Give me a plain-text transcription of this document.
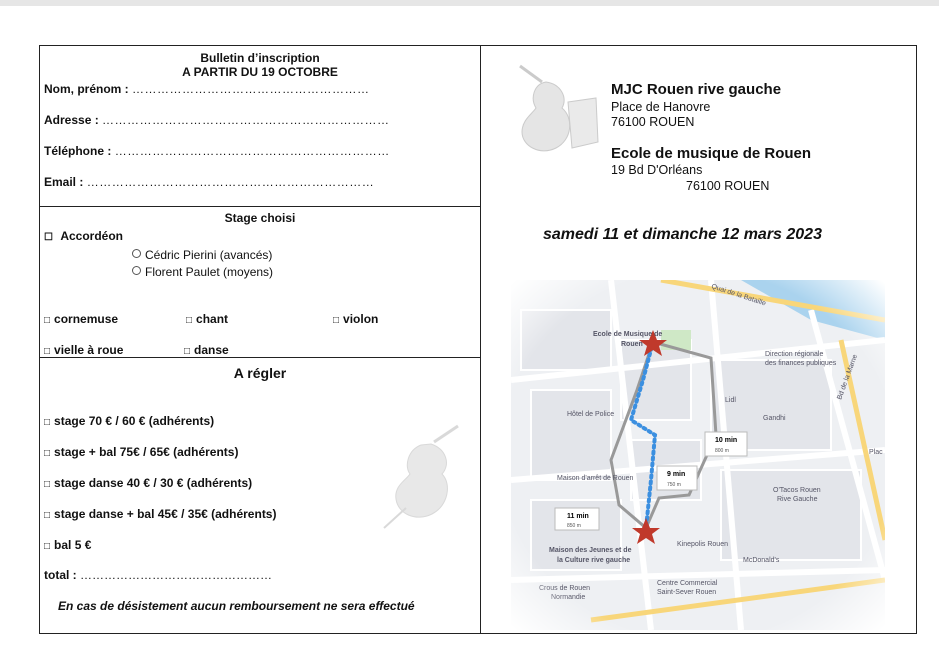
Bulletin d’inscription
A PARTIR DU 19 OCTOBRE
Nom, prénom : …………………………………………………
Adresse : ……………………………………………………………
Téléphone : …………………………………………………………
Email : ……………………………………………………………
Stage choisi
☐ Accordéon
Cédric Pierini (avancés)
Florent Paulet (moyens)
□ cornemuse	□ chant	□ violon
□ vielle à roue	□ danse
A régler
□ stage 70 € / 60 € (adhérents)
□ stage + bal 75€ / 65€ (adhérents)
□ stage danse 40 € / 30 € (adhérents)
□ stage danse + bal 45€ / 35€ (adhérents)
□ bal 5 €
total : …………………………………………
En cas de désistement aucun remboursement ne sera effectué
MJC Rouen rive gauche
Place de Hanovre
76100 ROUEN
Ecole de musique de Rouen
19 Bd D'Orléans
76100 ROUEN
samedi 11 et dimanche 12 mars 2023
